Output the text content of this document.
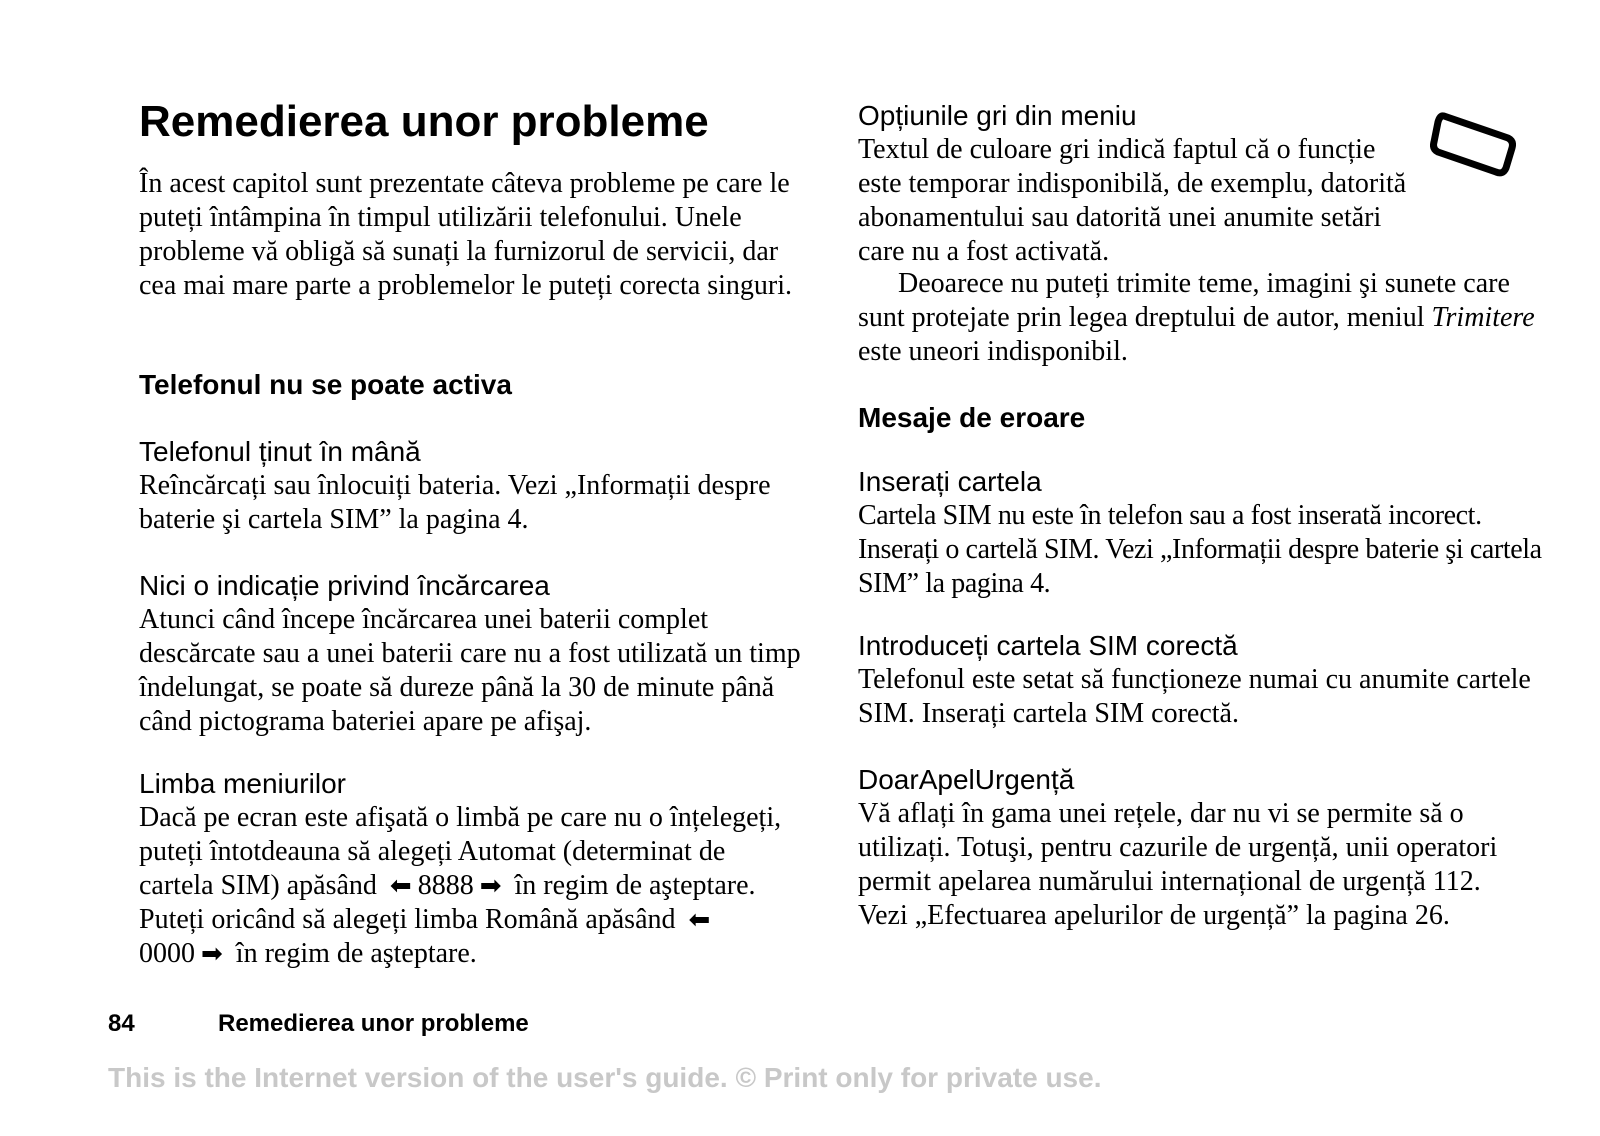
Remedierea unor probleme

În acest capitol sunt prezentate câteva probleme pe care le puteți întâmpina în timpul utilizării telefonului. Unele probleme vă obligă să sunați la furnizorul de servicii, dar cea mai mare parte a problemelor le puteți corecta singuri.

Telefonul nu se poate activa
Telefonul ținut în mână

Reîncărcați sau înlocuiți bateria. Vezi „Informații despre baterie şi cartela SIM” la pagina 4.

Nici o indicație privind încărcarea

Atunci când începe încărcarea unei baterii complet descărcate sau a unei baterii care nu a fost utilizată un timp îndelungat, se poate să dureze până la 30 de minute până când pictograma bateriei apare pe afişaj.

Limba meniurilor

Dacă pe ecran este afişată o limbă pe care nu o înțelegeți, puteți întotdeauna să alegeți Automat (determinat de cartela SIM) apăsând ⬅ 8888 ➡ în regim de aşteptare. Puteți oricând să alegeți limba Română apăsând ⬅
0000 ➡ în regim de aşteptare.

Opțiunile gri din meniu

Textul de culoare gri indică faptul că o funcție este temporar indisponibilă, de exemplu, datorită abonamentului sau datorită unei anumite setări care nu a fost activată.

Deoarece nu puteți trimite teme, imagini şi sunete care sunt protejate prin legea dreptului de autor, meniul Trimitere este uneori indisponibil.

Mesaje de eroare
Inserați cartela

Cartela SIM nu este în telefon sau a fost inserată incorect. Inserați o cartelă SIM. Vezi „Informații despre baterie şi cartela SIM” la pagina 4.

Introduceți cartela SIM corectă

Telefonul este setat să funcționeze numai cu anumite cartele SIM. Inserați cartela SIM corectă.

DoarApelUrgență

Vă aflați în gama unei rețele, dar nu vi se permite să o utilizați. Totuşi, pentru cazurile de urgență, unii operatori permit apelarea numărului internațional de urgență 112. Vezi „Efectuarea apelurilor de urgență” la pagina 26.

84	Remedierea unor probleme
This is the Internet version of the user's guide. © Print only for private use.
